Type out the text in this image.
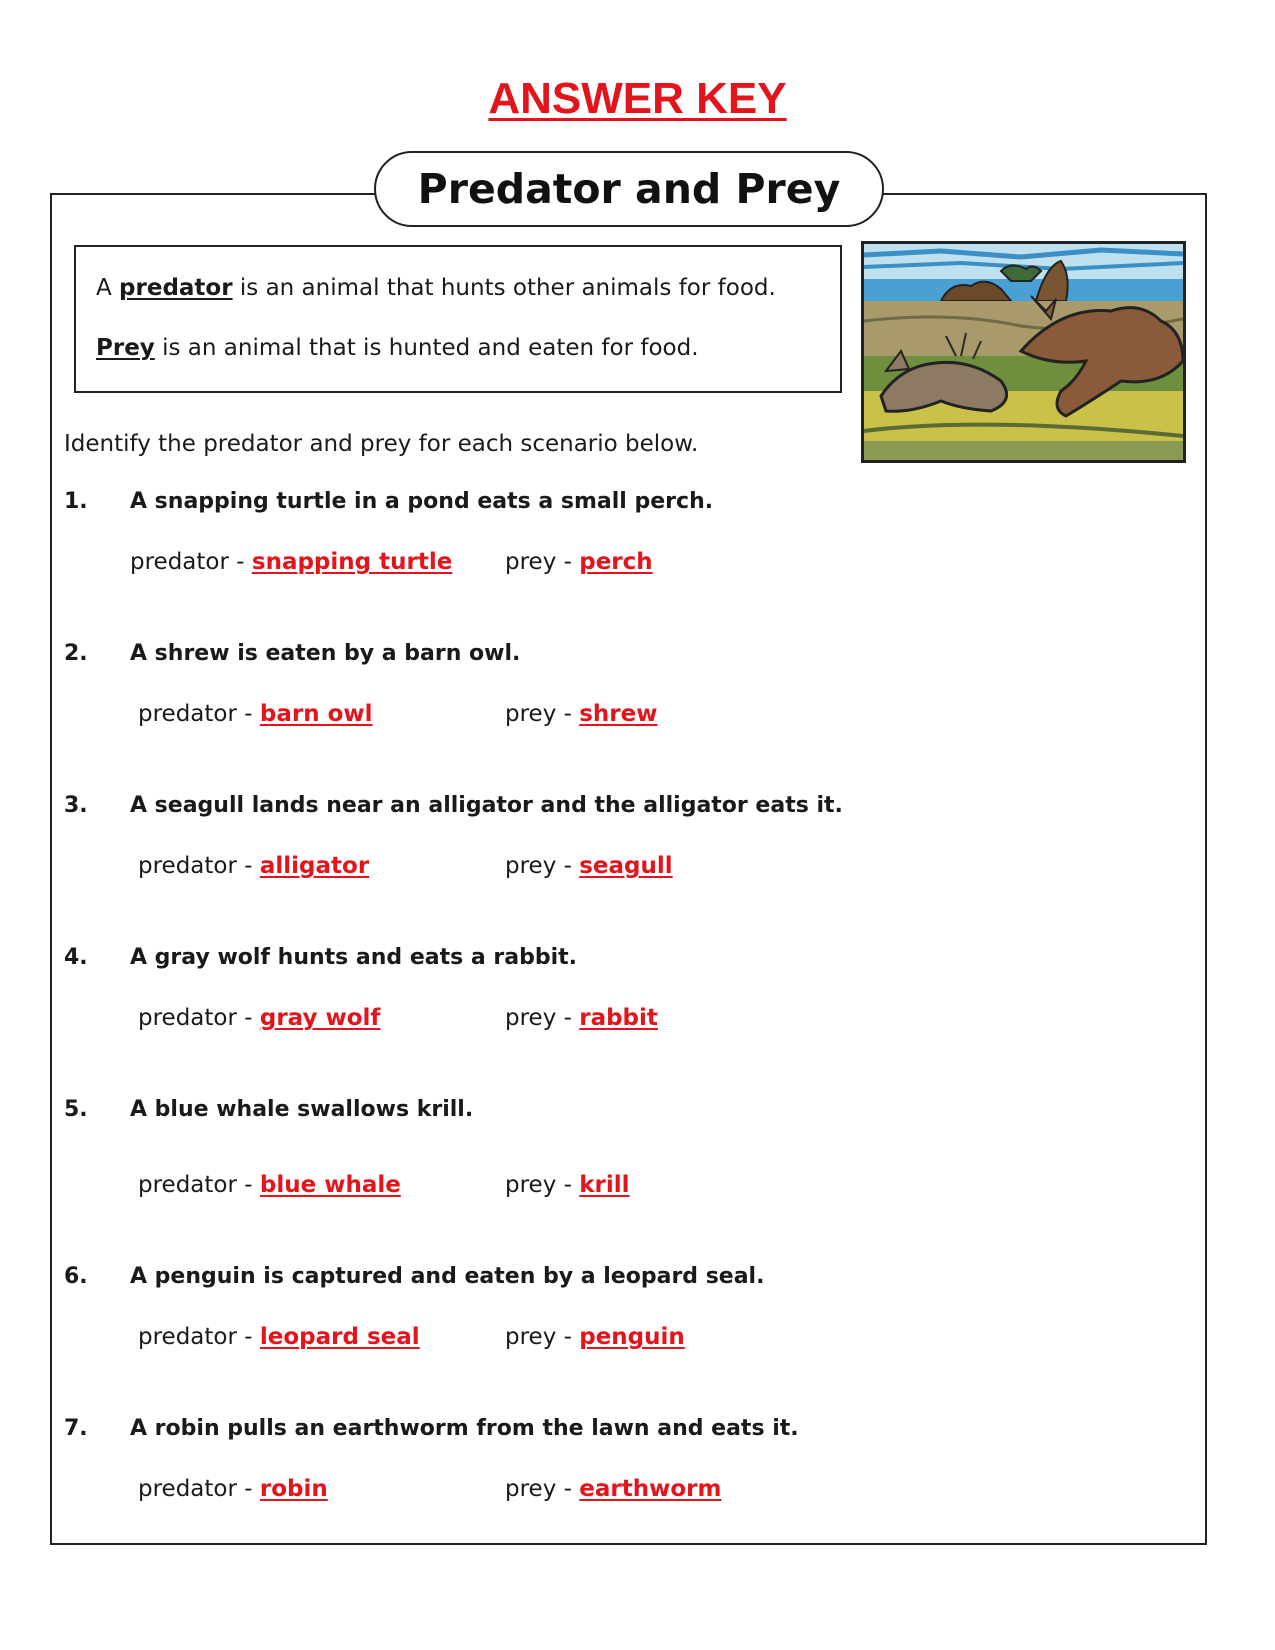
ANSWER KEY
Predator and Prey
A predator is an animal that hunts other animals for food.
Prey is an animal that is hunted and eaten for food.
Identify the predator and prey for each scenario below.
1. A snapping turtle in a pond eats a small perch.
predator - snapping turtle prey - perch
2. A shrew is eaten by a barn owl.
predator - barn owl	prey - shrew
3. A seagull lands near an alligator and the alligator eats it.
predator - alligator	prey - seagull
4. A gray wolf hunts and eats a rabbit.
predator - gray wolf	prey - rabbit
5. A blue whale swallows krill.
predator - blue whale	prey - krill
6. A penguin is captured and eaten by a leopard seal.
predator - leopard seal	prey - penguin
7. A robin pulls an earthworm from the lawn and eats it.
predator - robin	prey - earthworm
